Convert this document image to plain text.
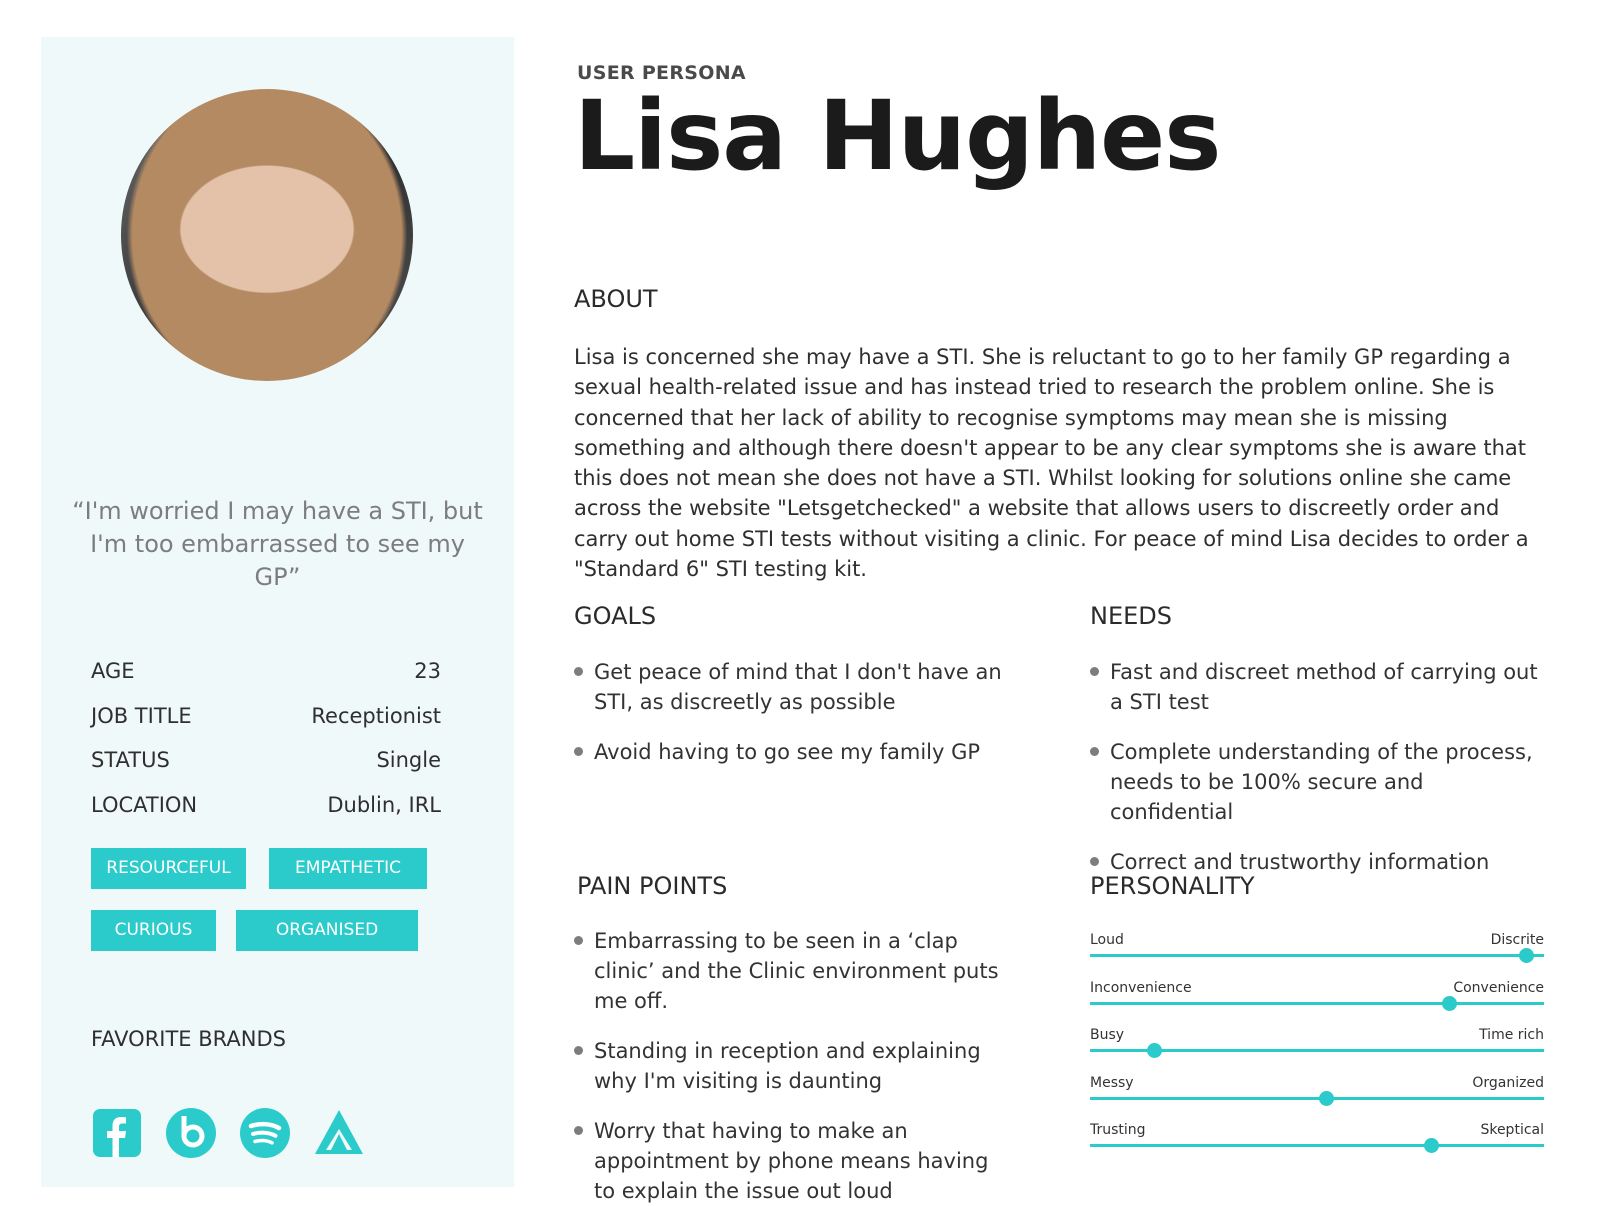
“I'm worried I may have a STI, but I'm too embarrassed to see my GP”
AGE	23
JOB TITLE	Receptionist
STATUS	Single
LOCATION	Dublin, IRL
RESOURCEFUL	EMPATHETIC
CURIOUS	ORGANISED
FAVORITE BRANDS
USER PERSONA
Lisa Hughes
ABOUT
Lisa is concerned she may have a STI. She is reluctant to go to her family GP regarding a sexual health-related issue and has instead tried to research the problem online. She is concerned that her lack of ability to recognise symptoms may mean she is missing something and although there doesn't appear to be any clear symptoms she is aware that this does not mean she does not have a STI. Whilst looking for solutions online she came across the website "Letsgetchecked" a website that allows users to discreetly order and carry out home STI tests without visiting a clinic. For peace of mind Lisa decides to order a "Standard 6" STI testing kit.
GOALS
Get peace of mind that I don't have an STI, as discreetly as possible
Avoid having to go see my family GP
NEEDS
Fast and discreet method of carrying out a STI test
Complete understanding of the process, needs to be 100% secure and confidential
Correct and trustworthy information
PAIN POINTS
Embarrassing to be seen in a ‘clap clinic’ and the Clinic environment puts me off.
Standing in reception and explaining why I'm visiting is daunting
Worry that having to make an appointment by phone means having to explain the issue out loud
PERSONALITY
Loud	Discrite
Inconvenience	Convenience
Busy	Time rich
Messy	Organized
Trusting	Skeptical
